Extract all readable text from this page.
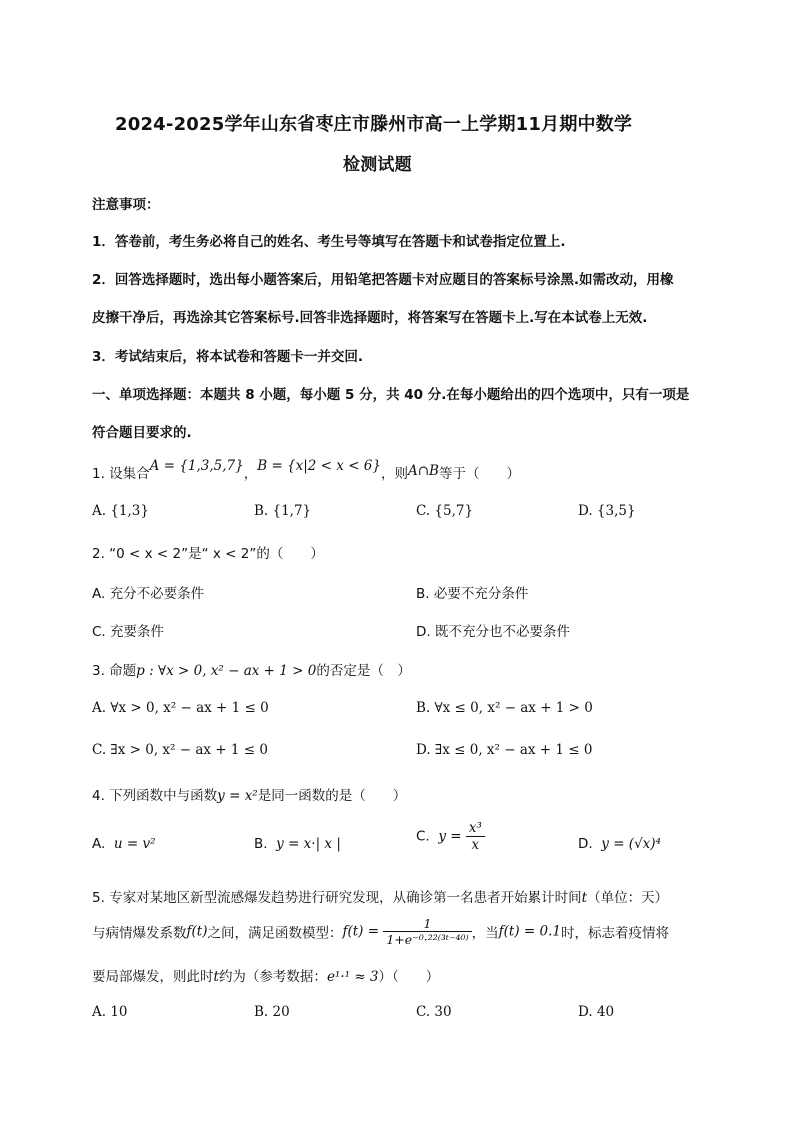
2024-2025学年山东省枣庄市滕州市高一上学期11月期中数学
检测试题
注意事项：
1．答卷前，考生务必将自己的姓名、考生号等填写在答题卡和试卷指定位置上.
2．回答选择题时，选出每小题答案后，用铅笔把答题卡对应题目的答案标号涂黑.如需改动，用橡
皮擦干净后，再选涂其它答案标号.回答非选择题时，将答案写在答题卡上.写在本试卷上无效.
3．考试结束后，将本试卷和答题卡一并交回.
一、单项选择题：本题共 8 小题，每小题 5 分，共 40 分.在每小题给出的四个选项中，只有一项是
符合题目要求的.
1. 设集合A = {1,3,5,7}，B = {x|2 < x < 6}，则A∩B等于（　　）
A. {1,3}	B. {1,7}	C. {5,7}	D. {3,5}
2. “0 < x < 2”是“ x < 2”的（　　）
A. 充分不必要条件	B. 必要不充分条件
C. 充要条件	D. 既不充分也不必要条件
3. 命题p : ∀x > 0, x² − ax + 1 > 0的否定是（　）
A. ∀x > 0, x² − ax + 1 ≤ 0	B. ∀x ≤ 0, x² − ax + 1 > 0
C. ∃x > 0, x² − ax + 1 ≤ 0	D. ∃x ≤ 0, x² − ax + 1 ≤ 0
4. 下列函数中与函数y = x²是同一函数的是（　　）
A. u = v²	B. y = x·| x |	C. $y = \frac{\text{x³}}{x}$	D. y = (√x)⁴
5. 专家对某地区新型流感爆发趋势进行研究发现，从确诊第一名患者开始累计时间t（单位：天）
与病情爆发系数f(t)之间，满足函数模型：$f(t) = \frac{1}{\text{1+e⁻⁰·²²⁽³ᵗ⁻⁴⁰⁾}}$ ，当f(t) = 0.1时，标志着疫情将
要局部爆发，则此时t约为（参考数据：e¹·¹ ≈ 3）（　　）
A. 10	B. 20	C. 30	D. 40
